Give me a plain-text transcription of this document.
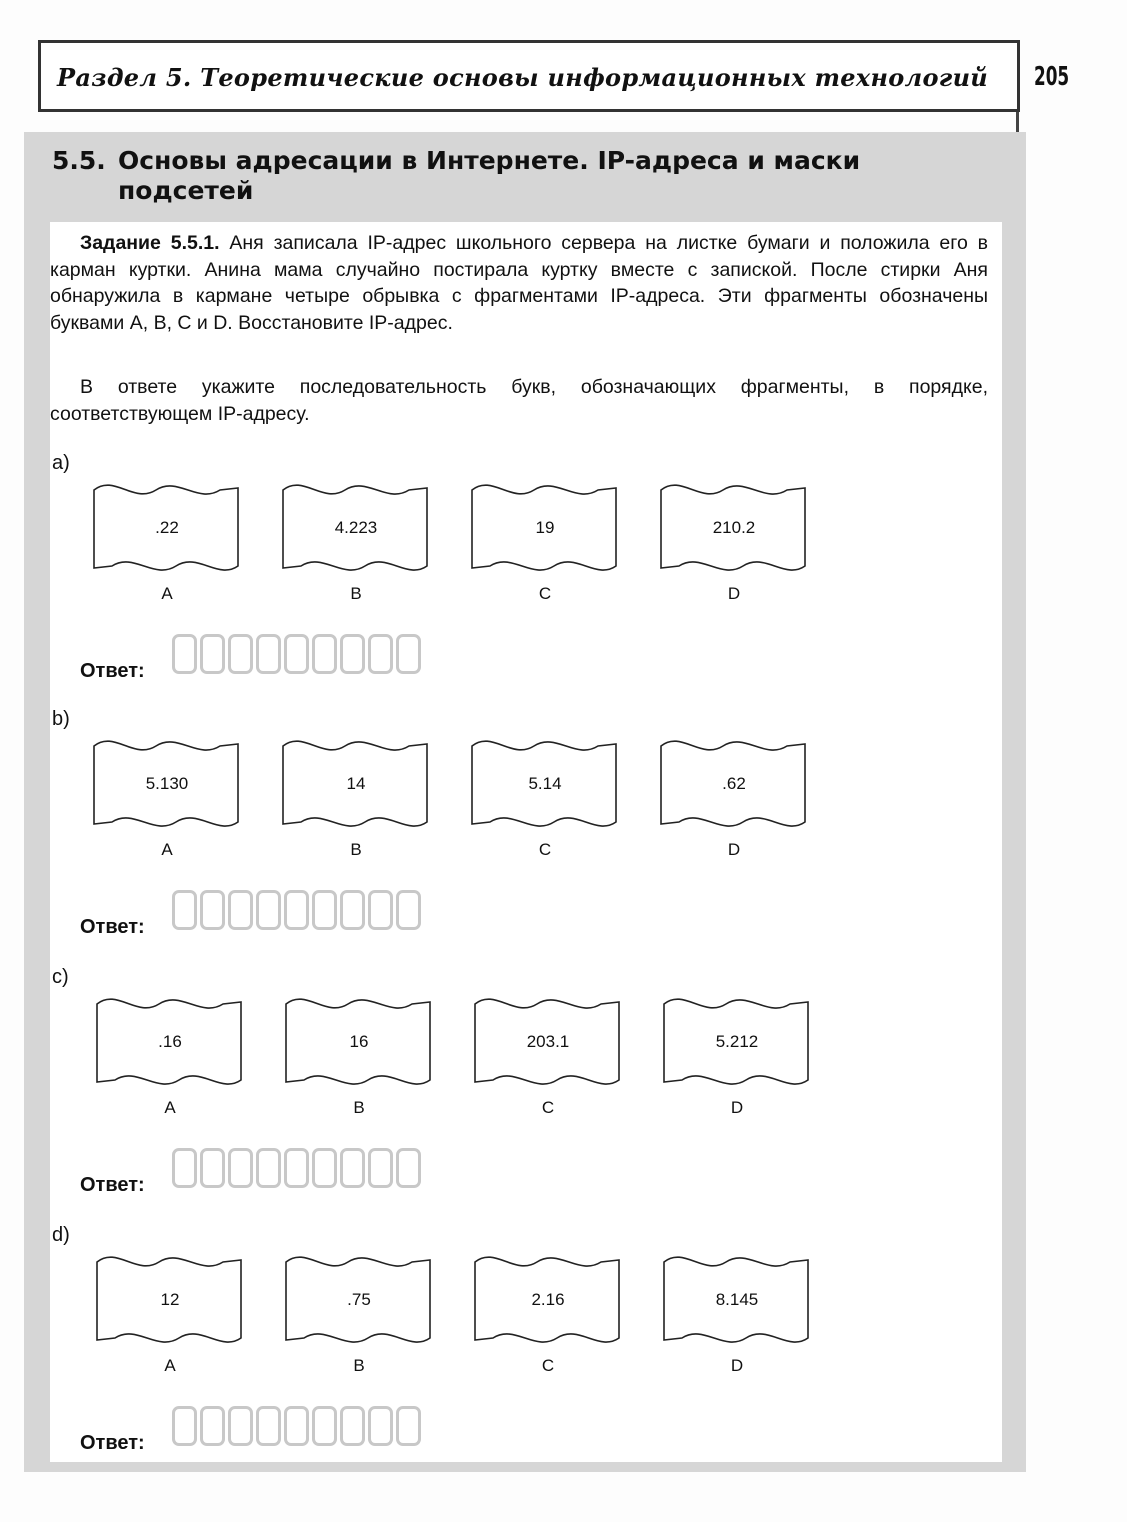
Раздел 5. Теоретические основы информационных технологий 205
5.5. Основы адресации в Интернете. IP-адреса и маски
подсетей
Задание 5.5.1. Аня записала IP-адрес школьного сервера на листке бумаги и положила его в карман куртки. Анина мама случайно постирала куртку вместе с запиской. После стирки Аня обнаружила в кармане четыре обрывка с фрагментами IP-адреса. Эти фрагменты обозначены буквами A, B, C и D. Восстановите IP-адрес.
В ответе укажите последовательность букв, обозначающих фрагменты, в порядке, соответствующем IP-адресу.
a)
.22
A
4.223
B
19
C
210.2
D
Ответ:
b)
5.130
A
14
B
5.14
C
.62
D
Ответ:
c)
.16
A
16
B
203.1
C
5.212
D
Ответ:
d)
12
A
.75
B
2.16
C
8.145
D
Ответ:
